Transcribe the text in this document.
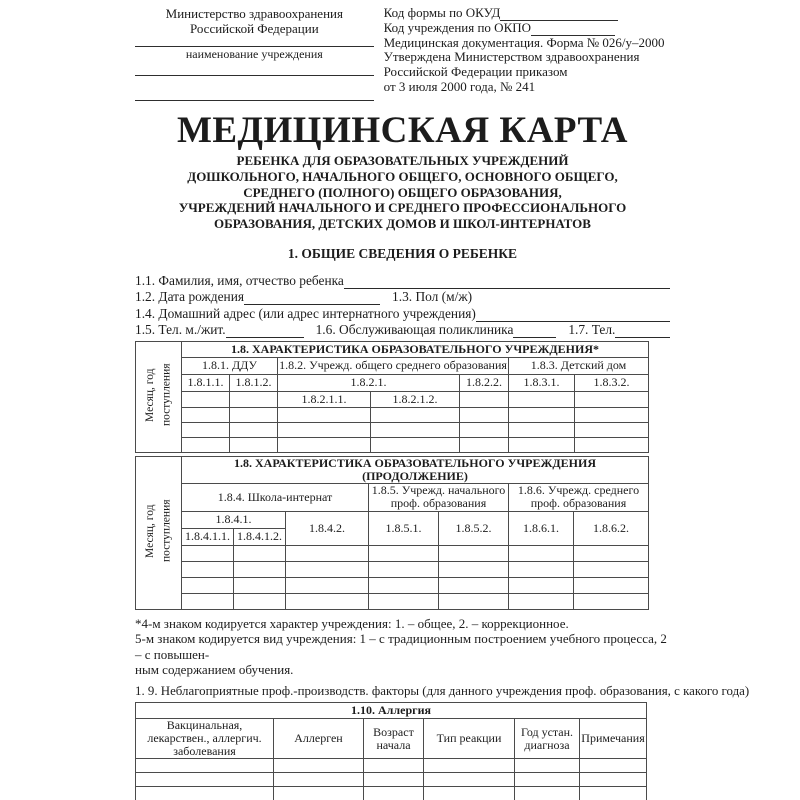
Министерство здравоохранения
Российской Федерации
наименование учреждения
Код формы по ОКУД
Код учреждения по ОКПО
Медицинская документация. Форма № 026/у–2000
Утверждена Министерством здравоохранения
Российской Федерации приказом
от 3 июля 2000 года, № 241
МЕДИЦИНСКАЯ КАРТА
РЕБЕНКА ДЛЯ ОБРАЗОВАТЕЛЬНЫХ УЧРЕЖДЕНИЙ
ДОШКОЛЬНОГО, НАЧАЛЬНОГО ОБЩЕГО, ОСНОВНОГО ОБЩЕГО,
СРЕДНЕГО (ПОЛНОГО) ОБЩЕГО ОБРАЗОВАНИЯ,
УЧРЕЖДЕНИЙ НАЧАЛЬНОГО И СРЕДНЕГО ПРОФЕССИОНАЛЬНОГО
ОБРАЗОВАНИЯ, ДЕТСКИХ ДОМОВ И ШКОЛ-ИНТЕРНАТОВ
1. ОБЩИЕ СВЕДЕНИЯ О РЕБЕНКЕ
1.1. Фамилия, имя, отчество ребенка
1.2. Дата рождения	1.3. Пол (м/ж)
1.4. Домашний адрес (или адрес интернатного учреждения)
1.5. Тел. м./жит.	1.6. Обслуживающая поликлиника	1.7. Тел.
Месяц, год поступления	1.8. ХАРАКТЕРИСТИКА ОБРАЗОВАТЕЛЬНОГО УЧРЕЖДЕНИЯ*						
	1.8.1. ДДУ		1.8.2. Учрежд. общего среднего образования			1.8.3. Детский дом	
	1.8.1.1.	1.8.1.2.	1.8.2.1.		1.8.2.2.	1.8.3.1.	1.8.3.2.
			1.8.2.1.1.	1.8.2.1.2.			

Месяц, год поступления	1.8. ХАРАКТЕРИСТИКА ОБРАЗОВАТЕЛЬНОГО УЧРЕЖДЕНИЯ (ПРОДОЛЖЕНИЕ)						
	1.8.4. Школа-интернат			1.8.5. Учрежд. начального проф. образования		1.8.6. Учрежд. среднего проф. образования	
	1.8.4.1.		1.8.4.2.	1.8.5.1.	1.8.5.2.	1.8.6.1.	1.8.6.2.
	1.8.4.1.1.	1.8.4.1.2.					

*4-м знаком кодируется характер учреждения: 1. – общее, 2. – коррекционное.
5-м знаком кодируется вид учреждения: 1 – с традиционным построением учебного процесса, 2 – с повышен-
ным содержанием обучения.
1. 9. Неблагоприятные проф.-производств. факторы (для данного учреждения проф. образования, с какого года)
1.10. Аллергия					
Вакцинальная, лекарствен., аллергич. заболевания	Аллерген	Возраст начала	Тип реакции	Год устан. диагноза	Примечания
